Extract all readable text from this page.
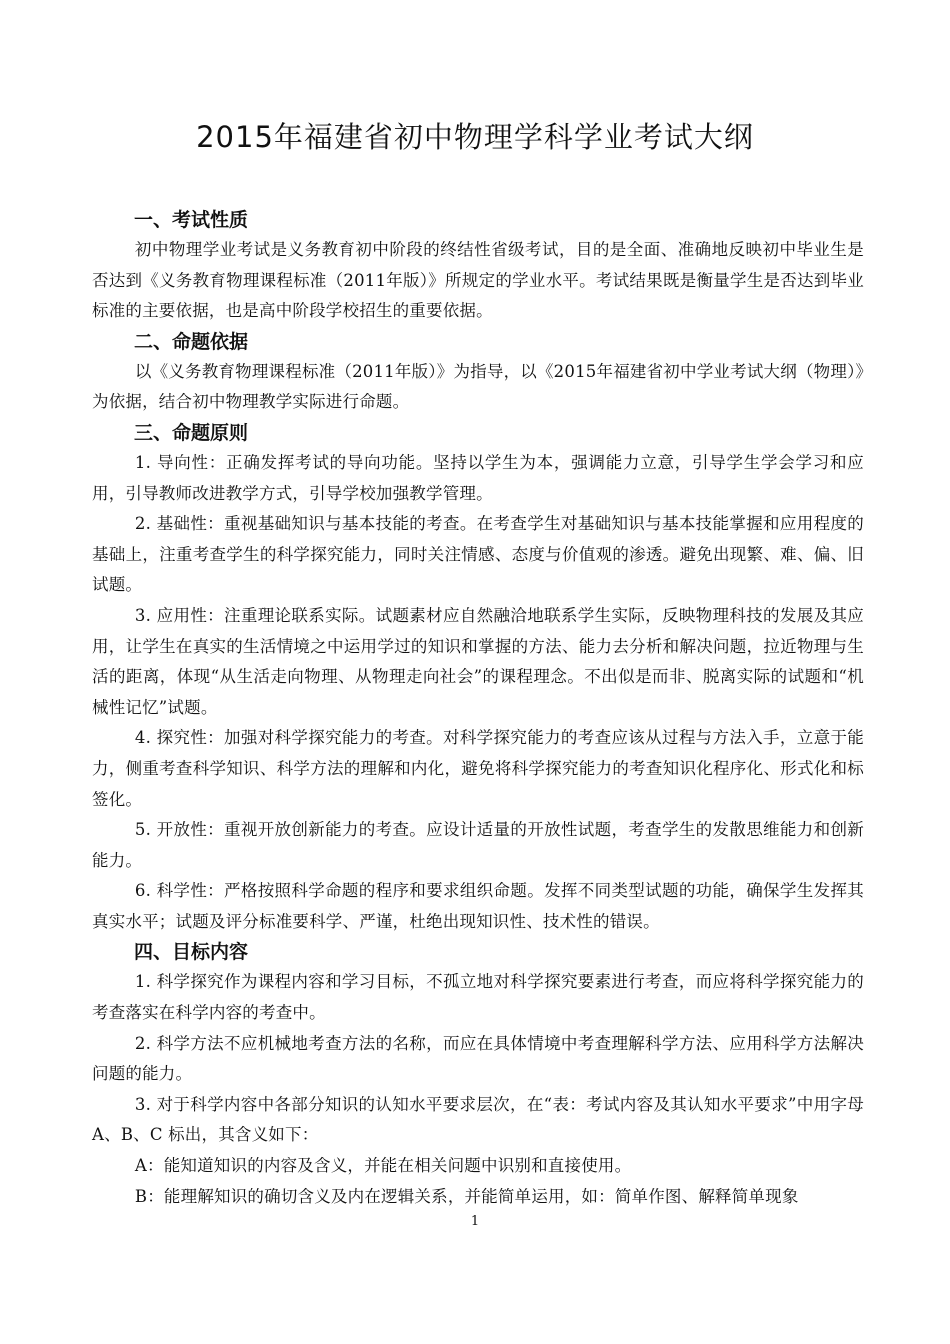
2015年福建省初中物理学科学业考试大纲
一、考试性质

初中物理学业考试是义务教育初中阶段的终结性省级考试，目的是全面、准确地反映初中毕业生是否达到《义务教育物理课程标准（2011年版）》所规定的学业水平。考试结果既是衡量学生是否达到毕业标准的主要依据，也是高中阶段学校招生的重要依据。

二、命题依据

以《义务教育物理课程标准（2011年版）》为指导，以《2015年福建省初中学业考试大纲（物理）》为依据，结合初中物理教学实际进行命题。

三、命题原则

1. 导向性：正确发挥考试的导向功能。坚持以学生为本，强调能力立意，引导学生学会学习和应用，引导教师改进教学方式，引导学校加强教学管理。

2. 基础性：重视基础知识与基本技能的考查。在考查学生对基础知识与基本技能掌握和应用程度的基础上，注重考查学生的科学探究能力，同时关注情感、态度与价值观的渗透。避免出现繁、难、偏、旧试题。

3. 应用性：注重理论联系实际。试题素材应自然融洽地联系学生实际，反映物理科技的发展及其应用，让学生在真实的生活情境之中运用学过的知识和掌握的方法、能力去分析和解决问题，拉近物理与生活的距离，体现“从生活走向物理、从物理走向社会”的课程理念。不出似是而非、脱离实际的试题和“机械性记忆”试题。

4. 探究性：加强对科学探究能力的考查。对科学探究能力的考查应该从过程与方法入手，立意于能力，侧重考查科学知识、科学方法的理解和内化，避免将科学探究能力的考查知识化程序化、形式化和标签化。

5. 开放性：重视开放创新能力的考查。应设计适量的开放性试题，考查学生的发散思维能力和创新能力。

6. 科学性：严格按照科学命题的程序和要求组织命题。发挥不同类型试题的功能，确保学生发挥其真实水平；试题及评分标准要科学、严谨，杜绝出现知识性、技术性的错误。

四、目标内容

1. 科学探究作为课程内容和学习目标，不孤立地对科学探究要素进行考查，而应将科学探究能力的考查落实在科学内容的考查中。

2. 科学方法不应机械地考查方法的名称，而应在具体情境中考查理解科学方法、应用科学方法解决问题的能力。

3. 对于科学内容中各部分知识的认知水平要求层次，在“表：考试内容及其认知水平要求”中用字母 A、B、C 标出，其含义如下：

A：能知道知识的内容及含义，并能在相关问题中识别和直接使用。

B：能理解知识的确切含义及内在逻辑关系，并能简单运用，如：简单作图、解释简单现象

1
